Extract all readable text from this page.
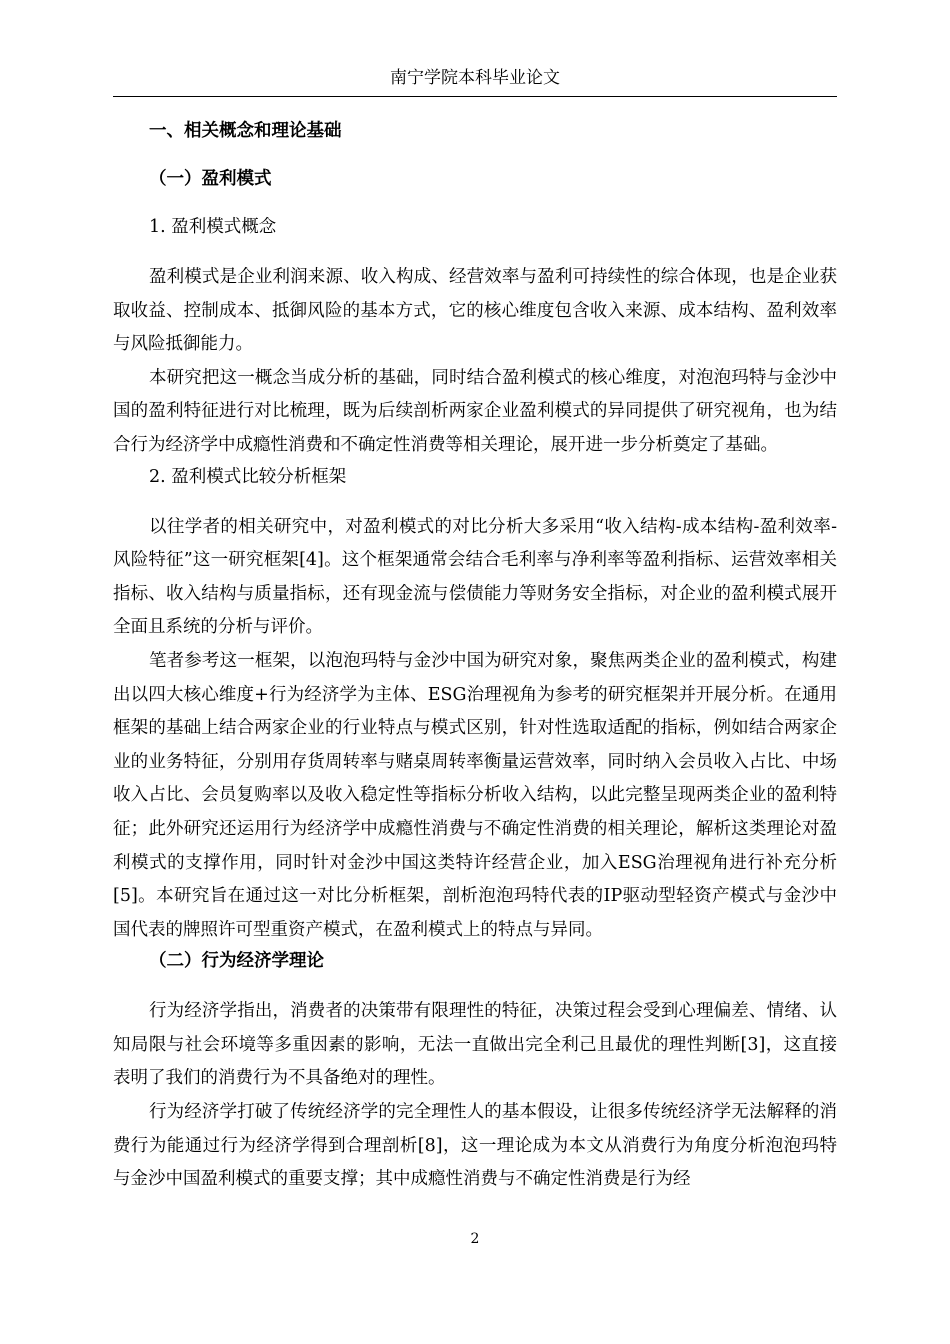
南宁学院本科毕业论文
一、相关概念和理论基础
（一）盈利模式
1. 盈利模式概念

盈利模式是企业利润来源、收入构成、经营效率与盈利可持续性的综合体现，也是企业获取收益、控制成本、抵御风险的基本方式，它的核心维度包含收入来源、成本结构、盈利效率与风险抵御能力。

本研究把这一概念当成分析的基础，同时结合盈利模式的核心维度，对泡泡玛特与金沙中国的盈利特征进行对比梳理，既为后续剖析两家企业盈利模式的异同提供了研究视角，也为结合行为经济学中成瘾性消费和不确定性消费等相关理论，展开进一步分析奠定了基础。

2. 盈利模式比较分析框架

以往学者的相关研究中，对盈利模式的对比分析大多采用“收入结构-成本结构-盈利效率-风险特征”这一研究框架[4]。这个框架通常会结合毛利率与净利率等盈利指标、运营效率相关指标、收入结构与质量指标，还有现金流与偿债能力等财务安全指标，对企业的盈利模式展开全面且系统的分析与评价。

笔者参考这一框架，以泡泡玛特与金沙中国为研究对象，聚焦两类企业的盈利模式，构建出以四大核心维度+行为经济学为主体、ESG治理视角为参考的研究框架并开展分析。在通用框架的基础上结合两家企业的行业特点与模式区别，针对性选取适配的指标，例如结合两家企业的业务特征，分别用存货周转率与赌桌周转率衡量运营效率，同时纳入会员收入占比、中场收入占比、会员复购率以及收入稳定性等指标分析收入结构，以此完整呈现两类企业的盈利特征；此外研究还运用行为经济学中成瘾性消费与不确定性消费的相关理论，解析这类理论对盈利模式的支撑作用，同时针对金沙中国这类特许经营企业，加入ESG治理视角进行补充分析[5]。本研究旨在通过这一对比分析框架，剖析泡泡玛特代表的IP驱动型轻资产模式与金沙中国代表的牌照许可型重资产模式，在盈利模式上的特点与异同。

（二）行为经济学理论

行为经济学指出，消费者的决策带有限理性的特征，决策过程会受到心理偏差、情绪、认知局限与社会环境等多重因素的影响，无法一直做出完全利己且最优的理性判断[3]，这直接表明了我们的消费行为不具备绝对的理性。

行为经济学打破了传统经济学的完全理性人的基本假设，让很多传统经济学无法解释的消费行为能通过行为经济学得到合理剖析[8]，这一理论成为本文从消费行为角度分析泡泡玛特与金沙中国盈利模式的重要支撑；其中成瘾性消费与不确定性消费是行为经

2
